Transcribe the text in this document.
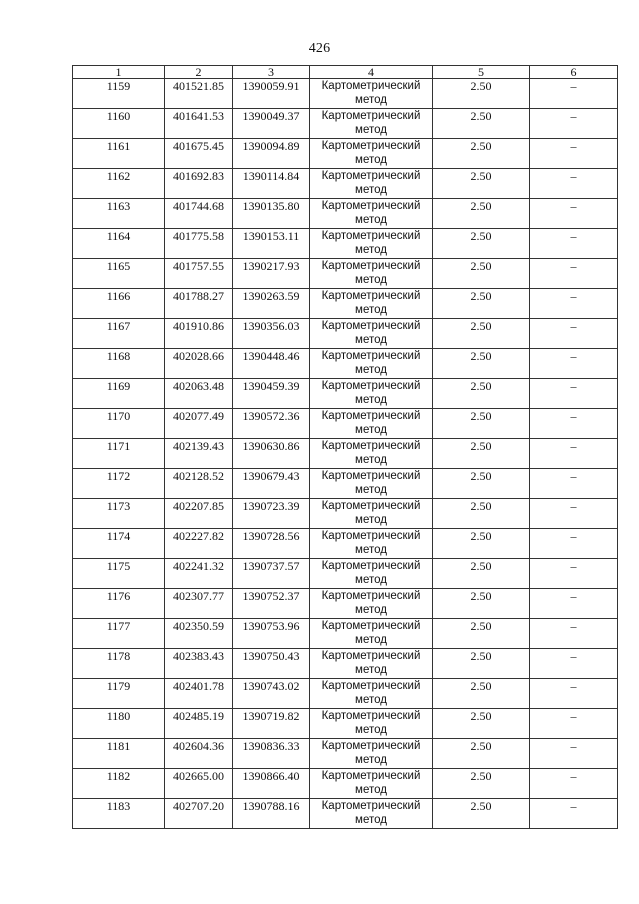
426
1	2	3	4	5	6
1159	401521.85	1390059.91	Картометрический метод	2.50	–
1160	401641.53	1390049.37	Картометрический метод	2.50	–
1161	401675.45	1390094.89	Картометрический метод	2.50	–
1162	401692.83	1390114.84	Картометрический метод	2.50	–
1163	401744.68	1390135.80	Картометрический метод	2.50	–
1164	401775.58	1390153.11	Картометрический метод	2.50	–
1165	401757.55	1390217.93	Картометрический метод	2.50	–
1166	401788.27	1390263.59	Картометрический метод	2.50	–
1167	401910.86	1390356.03	Картометрический метод	2.50	–
1168	402028.66	1390448.46	Картометрический метод	2.50	–
1169	402063.48	1390459.39	Картометрический метод	2.50	–
1170	402077.49	1390572.36	Картометрический метод	2.50	–
1171	402139.43	1390630.86	Картометрический метод	2.50	–
1172	402128.52	1390679.43	Картометрический метод	2.50	–
1173	402207.85	1390723.39	Картометрический метод	2.50	–
1174	402227.82	1390728.56	Картометрический метод	2.50	–
1175	402241.32	1390737.57	Картометрический метод	2.50	–
1176	402307.77	1390752.37	Картометрический метод	2.50	–
1177	402350.59	1390753.96	Картометрический метод	2.50	–
1178	402383.43	1390750.43	Картометрический метод	2.50	–
1179	402401.78	1390743.02	Картометрический метод	2.50	–
1180	402485.19	1390719.82	Картометрический метод	2.50	–
1181	402604.36	1390836.33	Картометрический метод	2.50	–
1182	402665.00	1390866.40	Картометрический метод	2.50	–
1183	402707.20	1390788.16	Картометрический метод	2.50	–
